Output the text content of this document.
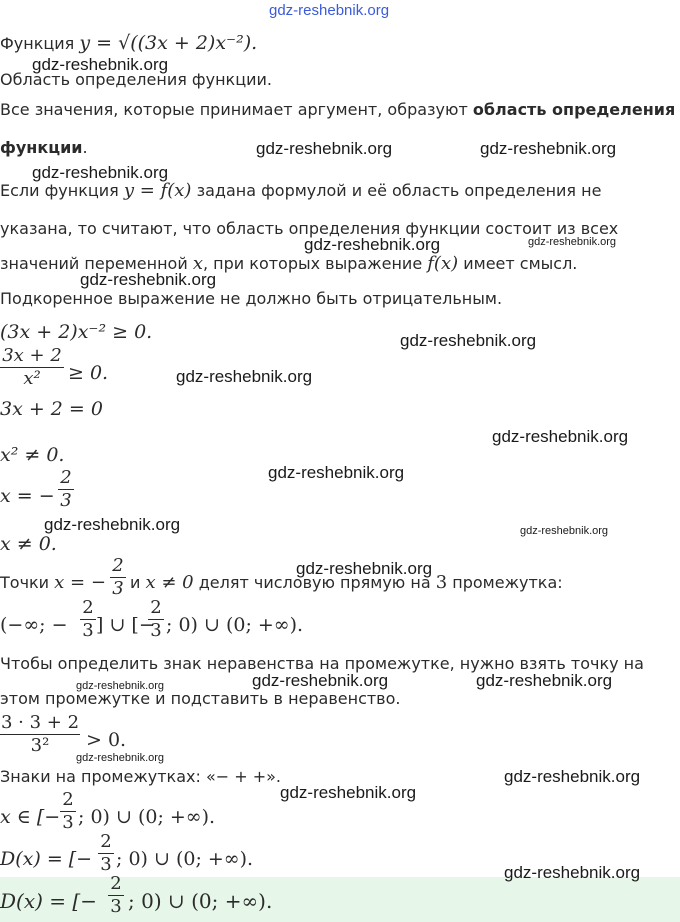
gdz-reshebnik.org
Функция y = √((3x + 2)x⁻²).
gdz-reshebnik.org
Область определения функции.
Все значения, которые принимает аргумент, образуют область определения
функции.	gdz-reshebnik.org	gdz-reshebnik.org
gdz-reshebnik.org
Если функция y = f(x) задана формулой и её область определения не
указана, то считают, что область определения функции состоит из всех
gdz-reshebnik.org	gdz-reshebnik.org
значений переменной x, при которых выражение f(x) имеет смысл.
gdz-reshebnik.org
Подкоренное выражение не должно быть отрицательным.
(3x + 2)x⁻² ≥ 0.	gdz-reshebnik.org
3x + 2
x²	≥ 0.	gdz-reshebnik.org
3x + 2 = 0
gdz-reshebnik.org
x² ≠ 0.
gdz-reshebnik.org
x = −
2
3
gdz-reshebnik.org	gdz-reshebnik.org
x ≠ 0.
gdz-reshebnik.org
Точки x = −
2
3 и x ≠ 0 делят числовую прямую на 3 промежутка:
(−∞; −
2
3 ] ∪ [−
2
3 ; 0) ∪ (0; +∞).
Чтобы определить знак неравенства на промежутке, нужно взять точку на
gdz-reshebnik.org	gdz-reshebnik.org	gdz-reshebnik.org
этом промежутке и подставить в неравенство.
3 · 3 + 2
3²	> 0.
gdz-reshebnik.org
Знаки на промежутках: «− + +».	gdz-reshebnik.org
gdz-reshebnik.org
x ∈ [−
2
3 ; 0) ∪ (0; +∞).
D(x) = [−
2
3 ; 0) ∪ (0; +∞).
gdz-reshebnik.org
D(x) = [−
2
3 ; 0) ∪ (0; +∞).
